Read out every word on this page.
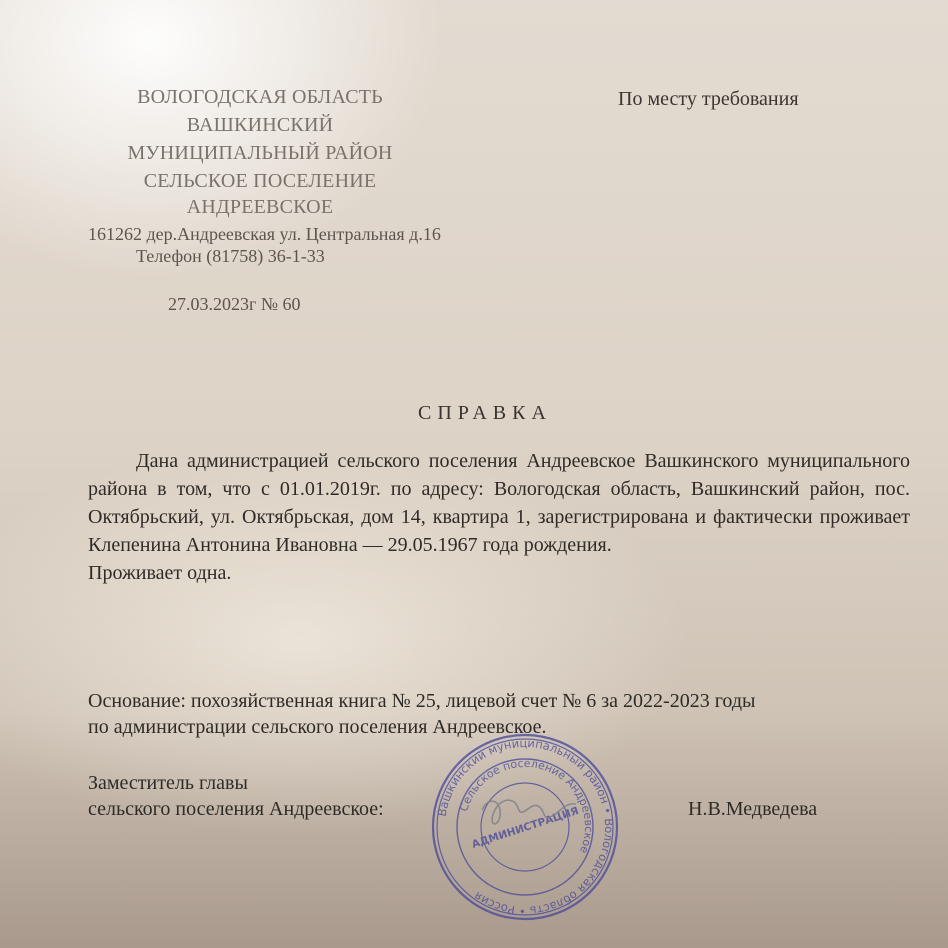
ВОЛОГОДСКАЯ ОБЛАСТЬ
ВАШКИНСКИЙ
МУНИЦИПАЛЬНЫЙ РАЙОН
СЕЛЬСКОЕ ПОСЕЛЕНИЕ
АНДРЕЕВСКОЕ
161262 дер.Андреевская ул. Центральная д.16
Телефон (81758) 36-1-33
27.03.2023г № 60
По месту требования
СПРАВКА

Дана администрацией сельского поселения Андреевское Вашкинского муниципального района в том, что с 01.01.2019г. по адресу: Вологодская область, Вашкинский район, пос. Октябрьский, ул. Октябрьская, дом 14, квартира 1, зарегистрирована и фактически проживает Клепенина Антонина Ивановна — 29.05.1967 года рождения.

Проживает одна.

Основание: похозяйственная книга № 25, лицевой счет № 6 за 2022-2023 годы
по администрации сельского поселения Андреевское.
Заместитель главы
сельского поселения Андреевское:	Н.В.Медведева
Вашкинский муниципальный район • Вологодская область • Россия
Сельское поселение Андреевское
АДМИНИСТРАЦИЯ
